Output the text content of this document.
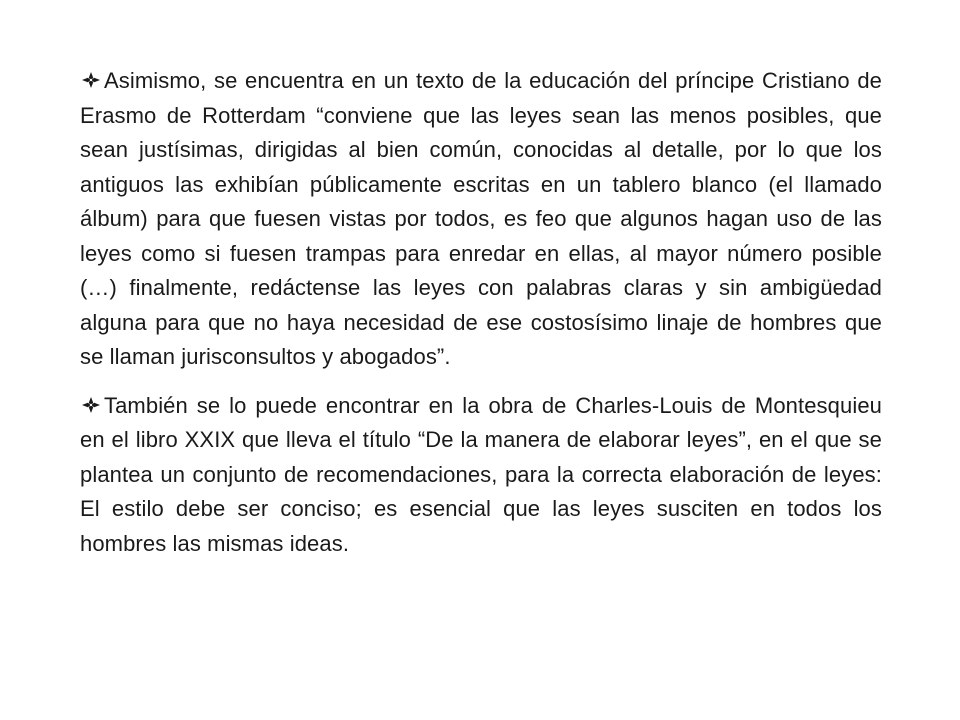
Asimismo, se encuentra en un texto de la educación del príncipe Cristiano de Erasmo de Rotterdam “conviene que las leyes sean las menos posibles, que sean justísimas, dirigidas al bien común, conocidas al detalle, por lo que los antiguos las exhibían públicamente escritas en un tablero blanco (el llamado álbum) para que fuesen vistas por todos, es feo que algunos hagan uso de las leyes como si fuesen trampas para enredar en ellas, al mayor número posible (…) finalmente, redáctense las leyes con palabras claras y sin ambigüedad alguna para que no haya necesidad de ese costosísimo linaje de hombres que se llaman jurisconsultos y abogados”.

También se lo puede encontrar en la obra de Charles-Louis de Montesquieu en el libro XXIX que lleva el título “De la manera de elaborar leyes”, en el que se plantea un conjunto de recomendaciones, para la correcta elaboración de leyes: El estilo debe ser conciso; es esencial que las leyes susciten en todos los hombres las mismas ideas.
